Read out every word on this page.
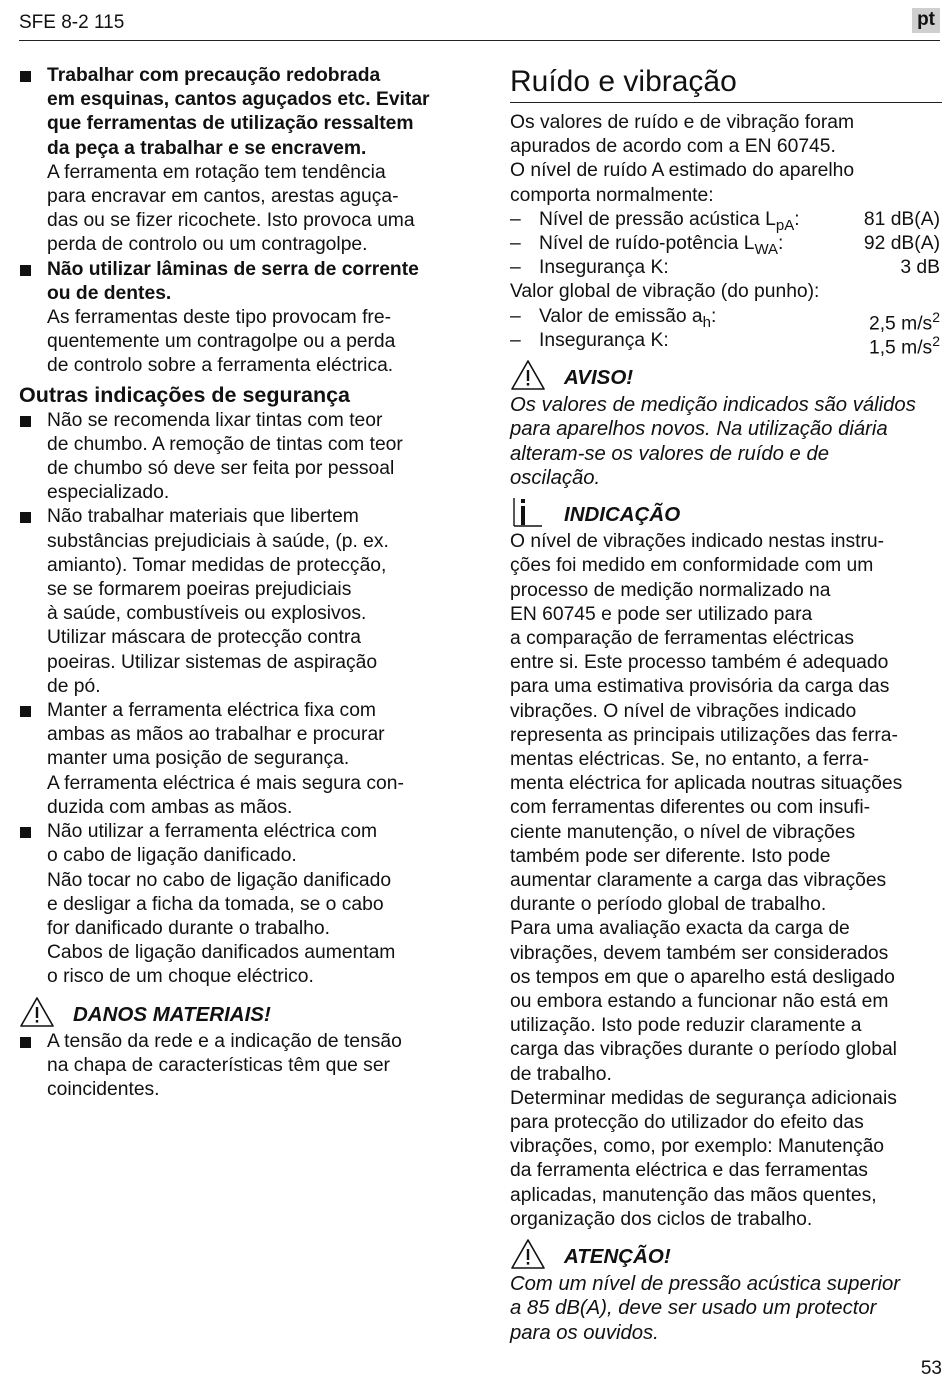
SFE 8-2 115	pt
Trabalhar com precaução redobrada
em esquinas, cantos aguçados etc. Evitar
que ferramentas de utilização ressaltem
da peça a trabalhar e se encravem.
A ferramenta em rotação tem tendência
para encravar em cantos, arestas aguça-
das ou se fizer ricochete. Isto provoca uma
perda de controlo ou um contragolpe.
Não utilizar lâminas de serra de corrente
ou de dentes.
As ferramentas deste tipo provocam fre-
quentemente um contragolpe ou a perda
de controlo sobre a ferramenta eléctrica.
Outras indicações de segurança
Não se recomenda lixar tintas com teor
de chumbo. A remoção de tintas com teor
de chumbo só deve ser feita por pessoal
especializado.
Não trabalhar materiais que libertem
substâncias prejudiciais à saúde, (p. ex.
amianto). Tomar medidas de protecção,
se se formarem poeiras prejudiciais
à saúde, combustíveis ou explosivos.
Utilizar máscara de protecção contra
poeiras. Utilizar sistemas de aspiração
de pó.
Manter a ferramenta eléctrica fixa com
ambas as mãos ao trabalhar e procurar
manter uma posição de segurança.
A ferramenta eléctrica é mais segura con-
duzida com ambas as mãos.
Não utilizar a ferramenta eléctrica com
o cabo de ligação danificado.
Não tocar no cabo de ligação danificado
e desligar a ficha da tomada, se o cabo
for danificado durante o trabalho.
Cabos de ligação danificados aumentam
o risco de um choque eléctrico.
DANOS MATERIAIS!
A tensão da rede e a indicação de tensão
na chapa de características têm que ser
coincidentes.
Ruído e vibração
Os valores de ruído e de vibração foram
apurados de acordo com a EN 60745.
O nível de ruído A estimado do aparelho
comporta normalmente:
– Nível de pressão acústica $L_{pA}$:	81 dB(A)
– Nível de ruído-potência $L_{WA}$:	92 dB(A)
– Insegurança K:	3 dB
Valor global de vibração (do punho):
– Valor de emissão $a_h$:	2,5 $m/s^2$
– Insegurança K:	1,5 $m/s^2$
AVISO!
Os valores de medição indicados são válidos
para aparelhos novos. Na utilização diária
alteram-se os valores de ruído e de
oscilação.
INDICAÇÃO
O nível de vibrações indicado nestas instru-
ções foi medido em conformidade com um
processo de medição normalizado na
EN 60745 e pode ser utilizado para
a comparação de ferramentas eléctricas
entre si. Este processo também é adequado
para uma estimativa provisória da carga das
vibrações. O nível de vibrações indicado
representa as principais utilizações das ferra-
mentas eléctricas. Se, no entanto, a ferra-
menta eléctrica for aplicada noutras situações
com ferramentas diferentes ou com insufi-
ciente manutenção, o nível de vibrações
também pode ser diferente. Isto pode
aumentar claramente a carga das vibrações
durante o período global de trabalho.
Para uma avaliação exacta da carga de
vibrações, devem também ser considerados
os tempos em que o aparelho está desligado
ou embora estando a funcionar não está em
utilização. Isto pode reduzir claramente a
carga das vibrações durante o período global
de trabalho.
Determinar medidas de segurança adicionais
para protecção do utilizador do efeito das
vibrações, como, por exemplo: Manutenção
da ferramenta eléctrica e das ferramentas
aplicadas, manutenção das mãos quentes,
organização dos ciclos de trabalho.
ATENÇÃO!
Com um nível de pressão acústica superior
a 85 dB(A), deve ser usado um protector
para os ouvidos.
53
